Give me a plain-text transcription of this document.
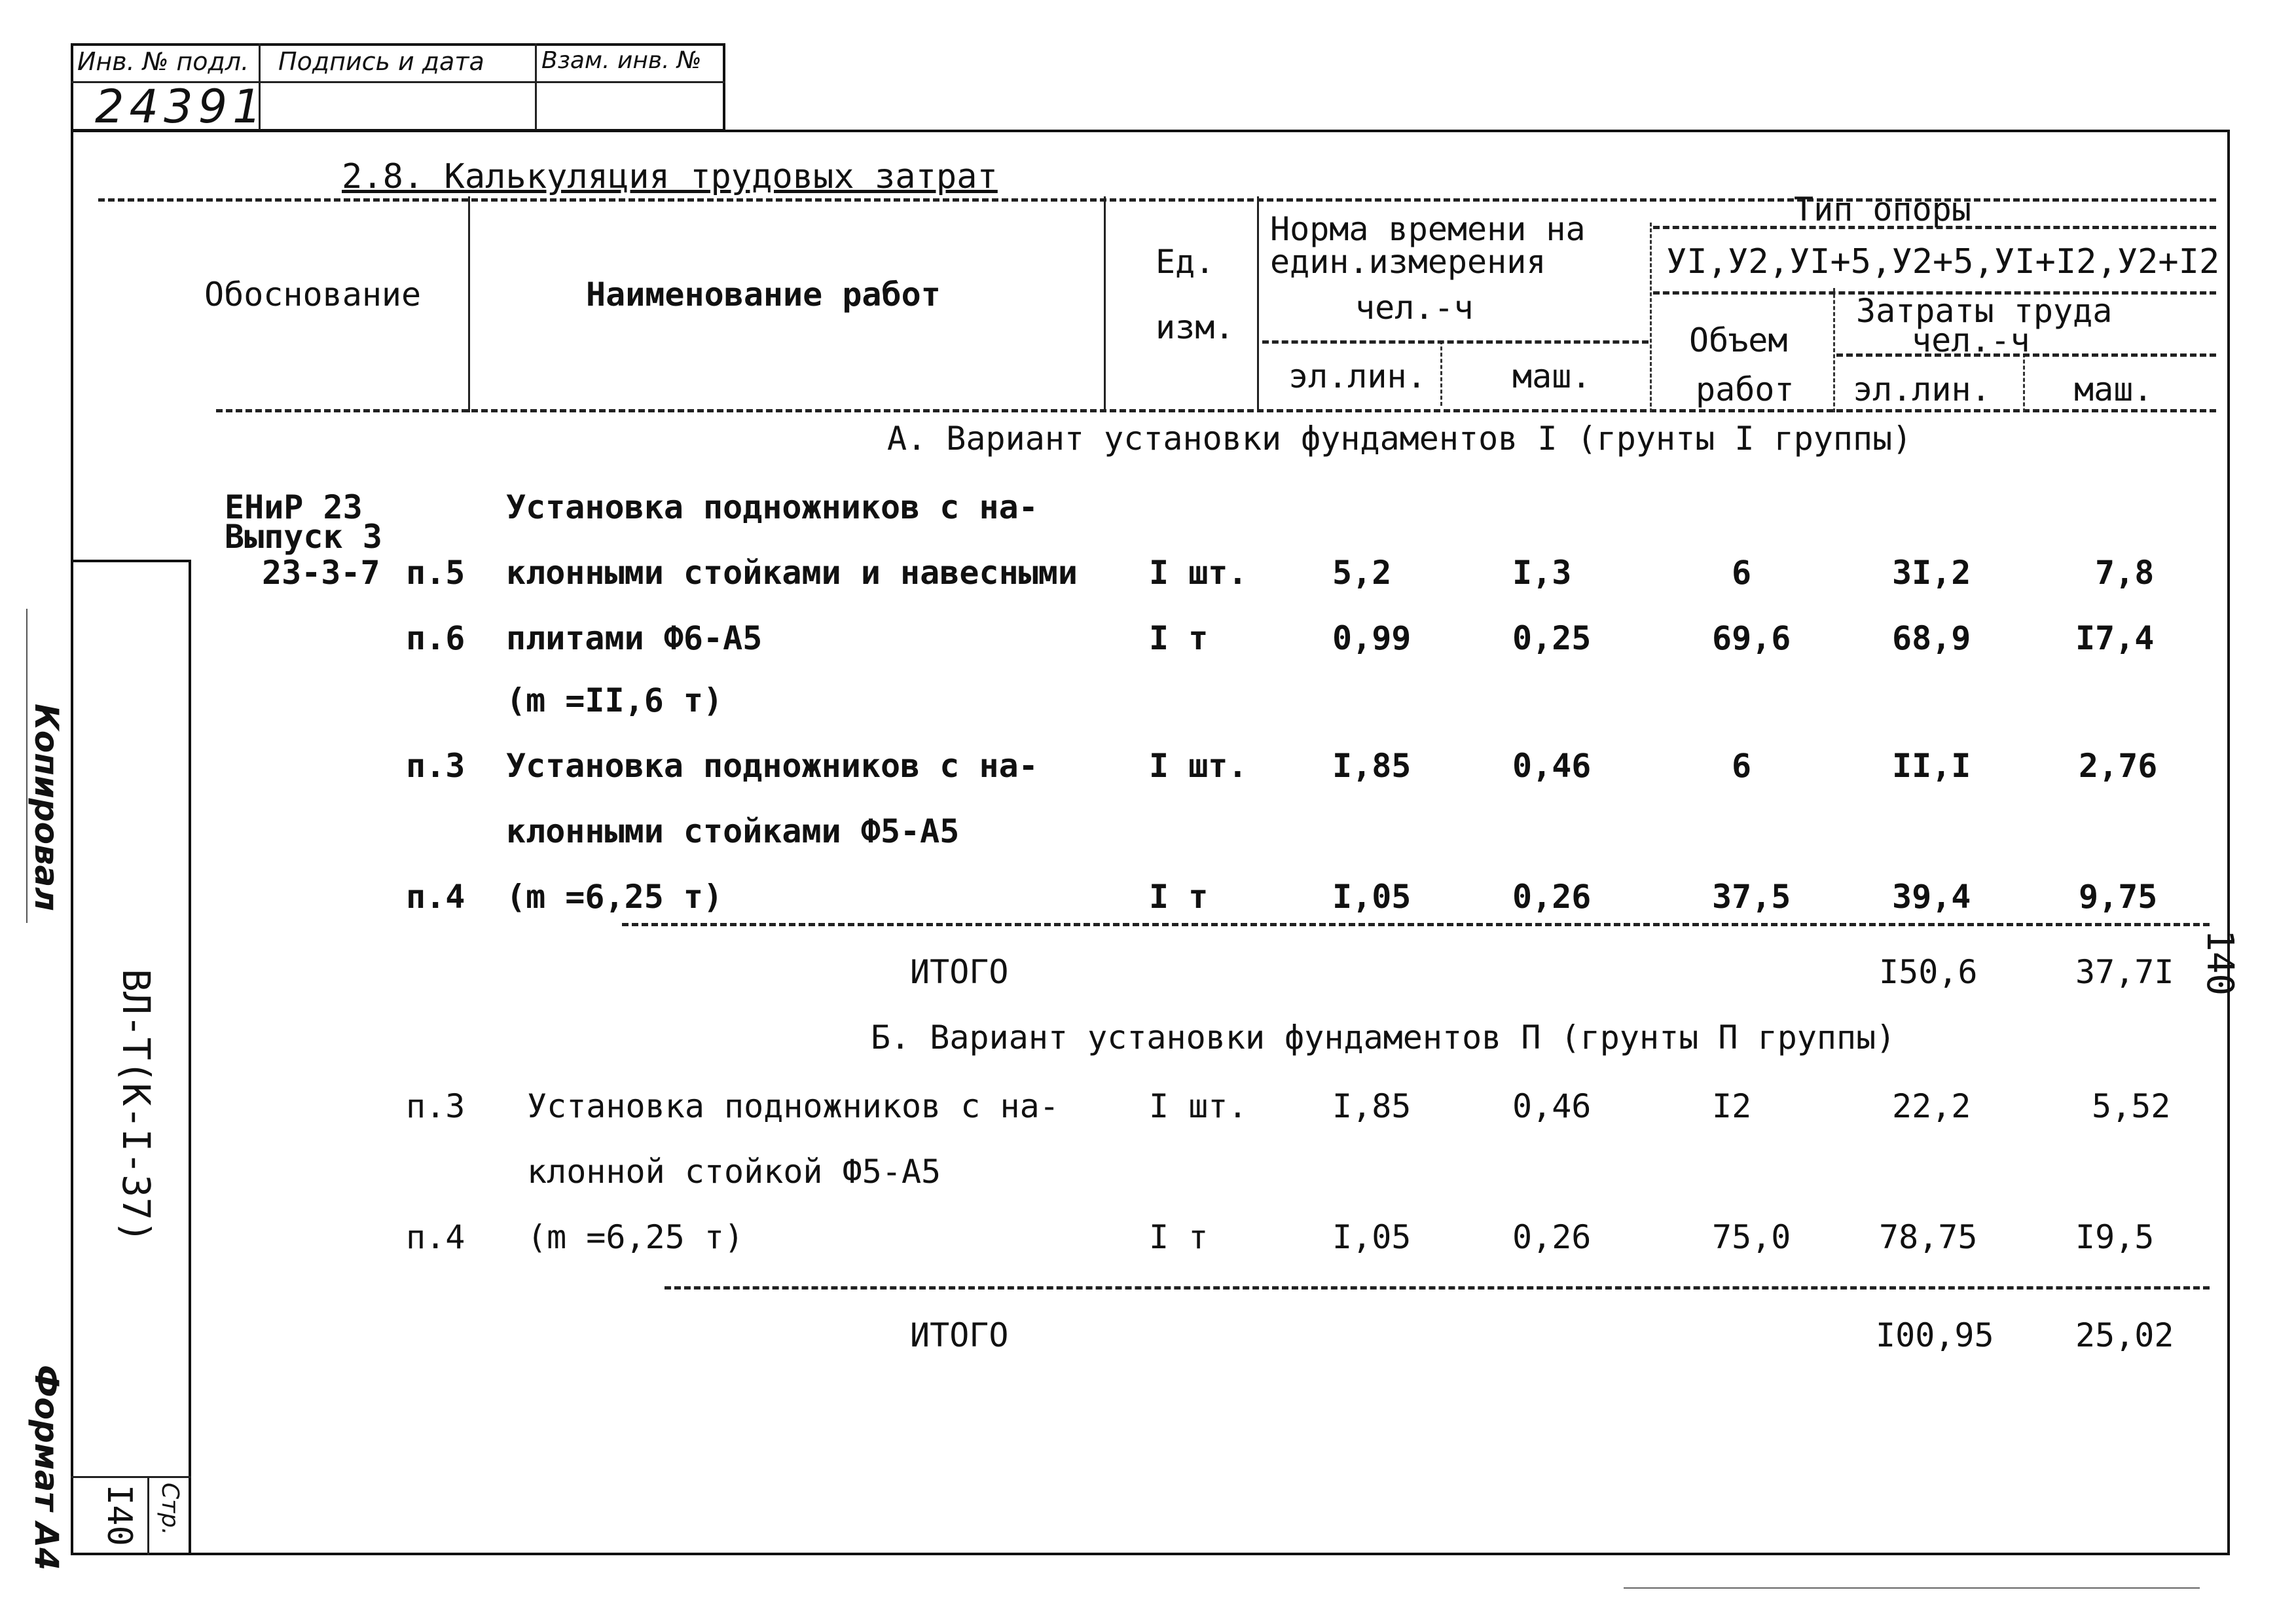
Инв. № подл. Подпись и дата Взам. инв. №
24391
ВЛ-Т(К-I-37)
Стр.
I40
Копировал
Формат А4
140
2.8. Калькуляция трудовых затрат
Обоснование	Наименование работ
Ед.
изм.
Норма времени на
един.измерения
чел.-ч
эл.лин.	маш.
Тип опоры
УI,У2,УI+5,У2+5,УI+I2,У2+I2
Объем
работ
Затраты труда
чел.-ч
эл.лин.	маш.
А. Вариант установки фундаментов I (грунты I группы)
ЕНиР 23
Выпуск 3
23-3-7
Установка подножников с на-
п.5 клонными стойками и навесными I шт.	5,2	I,3	6	3I,2	7,8
п.6 плитами Ф6-А5	I т	0,99	0,25	69,6	68,9	I7,4
(m =II,6 т)
п.3 Установка подножников с на-	I шт.	I,85	0,46	6	II,I	2,76
клонными стойками Ф5-А5
п.4 (m =6,25 т)	I т	I,05	0,26	37,5	39,4	9,75
ИТОГО	I50,6	37,7I
Б. Вариант установки фундаментов П (грунты П группы)
п.3 Установка подножников с на-	I шт.	I,85	0,46	I2	22,2	5,52
клонной стойкой Ф5-А5
п.4 (m =6,25 т)	I т	I,05	0,26	75,0	78,75	I9,5
ИТОГО	I00,95 25,02
